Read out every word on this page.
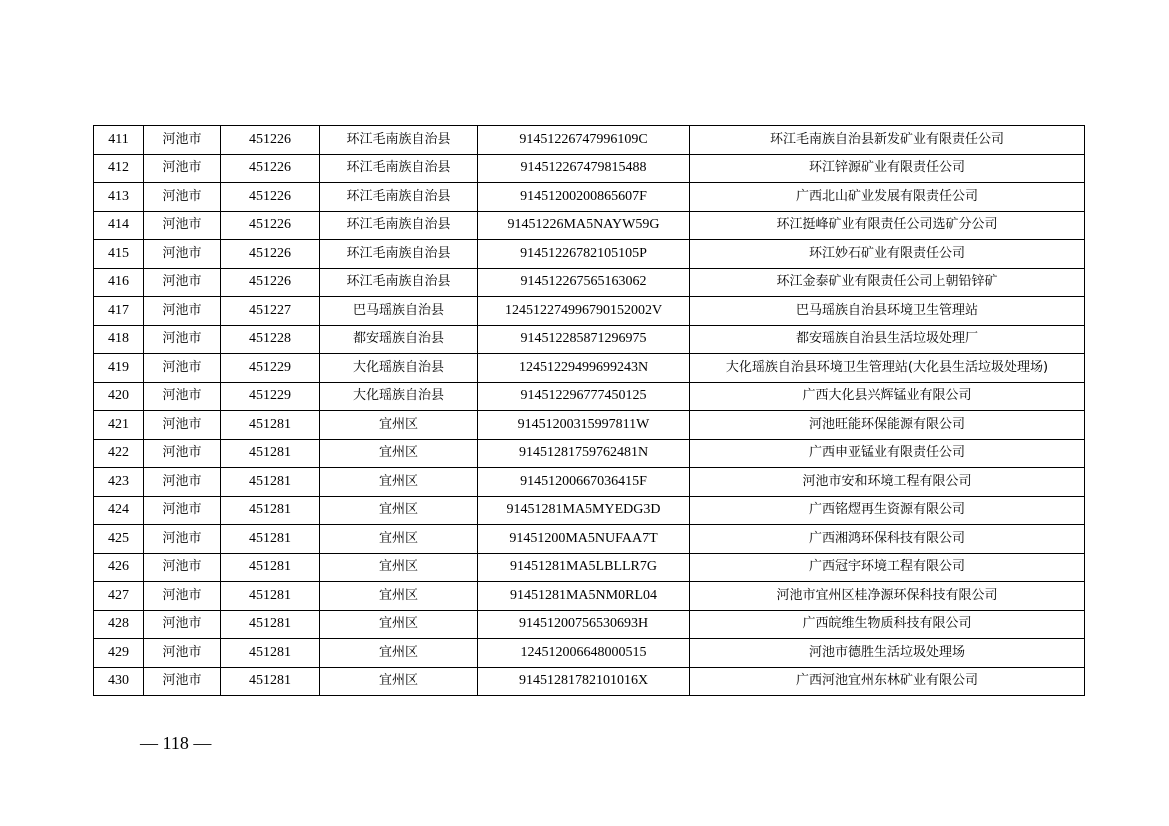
411	河池市	451226	环江毛南族自治县	91451226747996109C	环江毛南族自治县新发矿业有限责任公司
412	河池市	451226	环江毛南族自治县	914512267479815488	环江锌源矿业有限责任公司
413	河池市	451226	环江毛南族自治县	91451200200865607F	广西北山矿业发展有限责任公司
414	河池市	451226	环江毛南族自治县	91451226MA5NAYW59G	环江挺峰矿业有限责任公司选矿分公司
415	河池市	451226	环江毛南族自治县	91451226782105105P	环江妙石矿业有限责任公司
416	河池市	451226	环江毛南族自治县	914512267565163062	环江金泰矿业有限责任公司上朝铅锌矿
417	河池市	451227	巴马瑶族自治县	124512274996790152002V	巴马瑶族自治县环境卫生管理站
418	河池市	451228	都安瑶族自治县	914512285871296975	都安瑶族自治县生活垃圾处理厂
419	河池市	451229	大化瑶族自治县	12451229499699243N	大化瑶族自治县环境卫生管理站(大化县生活垃圾处理场)
420	河池市	451229	大化瑶族自治县	914512296777450125	广西大化县兴辉锰业有限公司
421	河池市	451281	宜州区	91451200315997811W	河池旺能环保能源有限公司
422	河池市	451281	宜州区	91451281759762481N	广西申亚锰业有限责任公司
423	河池市	451281	宜州区	91451200667036415F	河池市安和环境工程有限公司
424	河池市	451281	宜州区	91451281MA5MYEDG3D	广西铭熤再生资源有限公司
425	河池市	451281	宜州区	91451200MA5NUFAA7T	广西湘鸿环保科技有限公司
426	河池市	451281	宜州区	91451281MA5LBLLR7G	广西冠宇环境工程有限公司
427	河池市	451281	宜州区	91451281MA5NM0RL04	河池市宜州区桂净源环保科技有限公司
428	河池市	451281	宜州区	91451200756530693H	广西皖维生物质科技有限公司
429	河池市	451281	宜州区	124512006648000515	河池市德胜生活垃圾处理场
430	河池市	451281	宜州区	91451281782101016X	广西河池宜州东林矿业有限公司
— 118 —
